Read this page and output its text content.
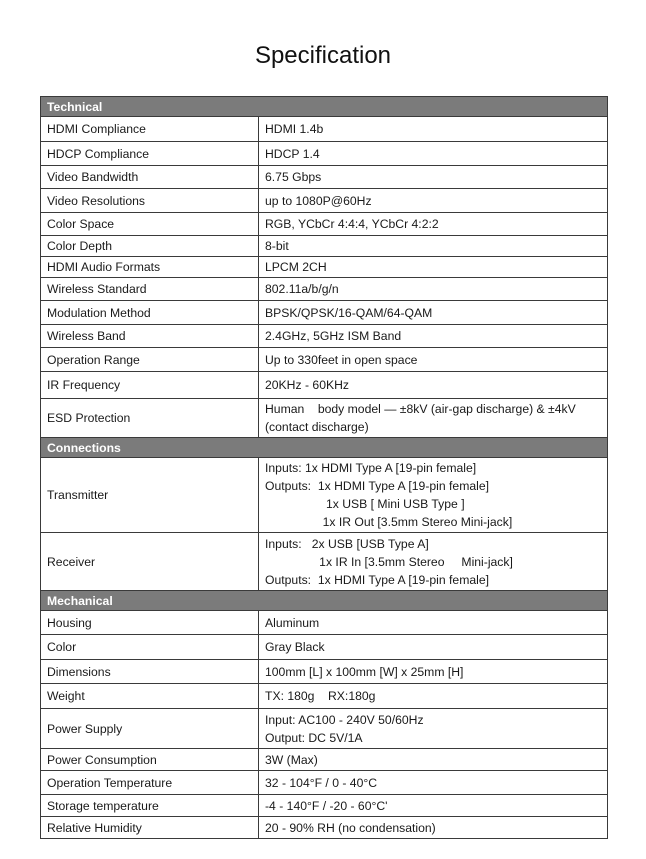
Specification
Technical	
HDMI Compliance	HDMI 1.4b

HDCP Compliance	HDCP 1.4

Video Bandwidth	6.75 Gbps

Video Resolutions	up to 1080P@60Hz

Color Space	RGB, YCbCr 4:4:4, YCbCr 4:2:2

Color Depth	8-bit

HDMI Audio Formats	LPCM 2CH

Wireless Standard	802.11a/b/g/n

Modulation Method	BPSK/QPSK/16-QAM/64-QAM

Wireless Band	2.4GHz, 5GHz ISM Band

Operation Range	Up to 330feet in open space

IR Frequency	20KHz - 60KHz

ESD Protection	Human    body model — ±8kV (air-gap discharge) & ±4kV
(contact discharge)

Connections	
Transmitter	Inputs: 1x HDMI Type A [19-pin female]
Outputs:  1x HDMI Type A [19-pin female]
1x USB [ Mini USB Type ]
1x IR Out [3.5mm Stereo Mini-jack]

Receiver	Inputs:   2x USB [USB Type A]
1x IR In [3.5mm Stereo     Mini-jack]
Outputs:  1x HDMI Type A [19-pin female]

Mechanical	
Housing	Aluminum

Color	Gray Black

Dimensions	100mm [L] x 100mm [W] x 25mm [H]

Weight	TX: 180g    RX:180g

Power Supply	Input: AC100 - 240V 50/60Hz
Output: DC 5V/1A

Power Consumption	3W (Max)

Operation Temperature	32 - 104°F / 0 - 40°C

Storage temperature	-4 - 140°F / -20 - 60°C'

Relative Humidity	20 - 90% RH (no condensation)
